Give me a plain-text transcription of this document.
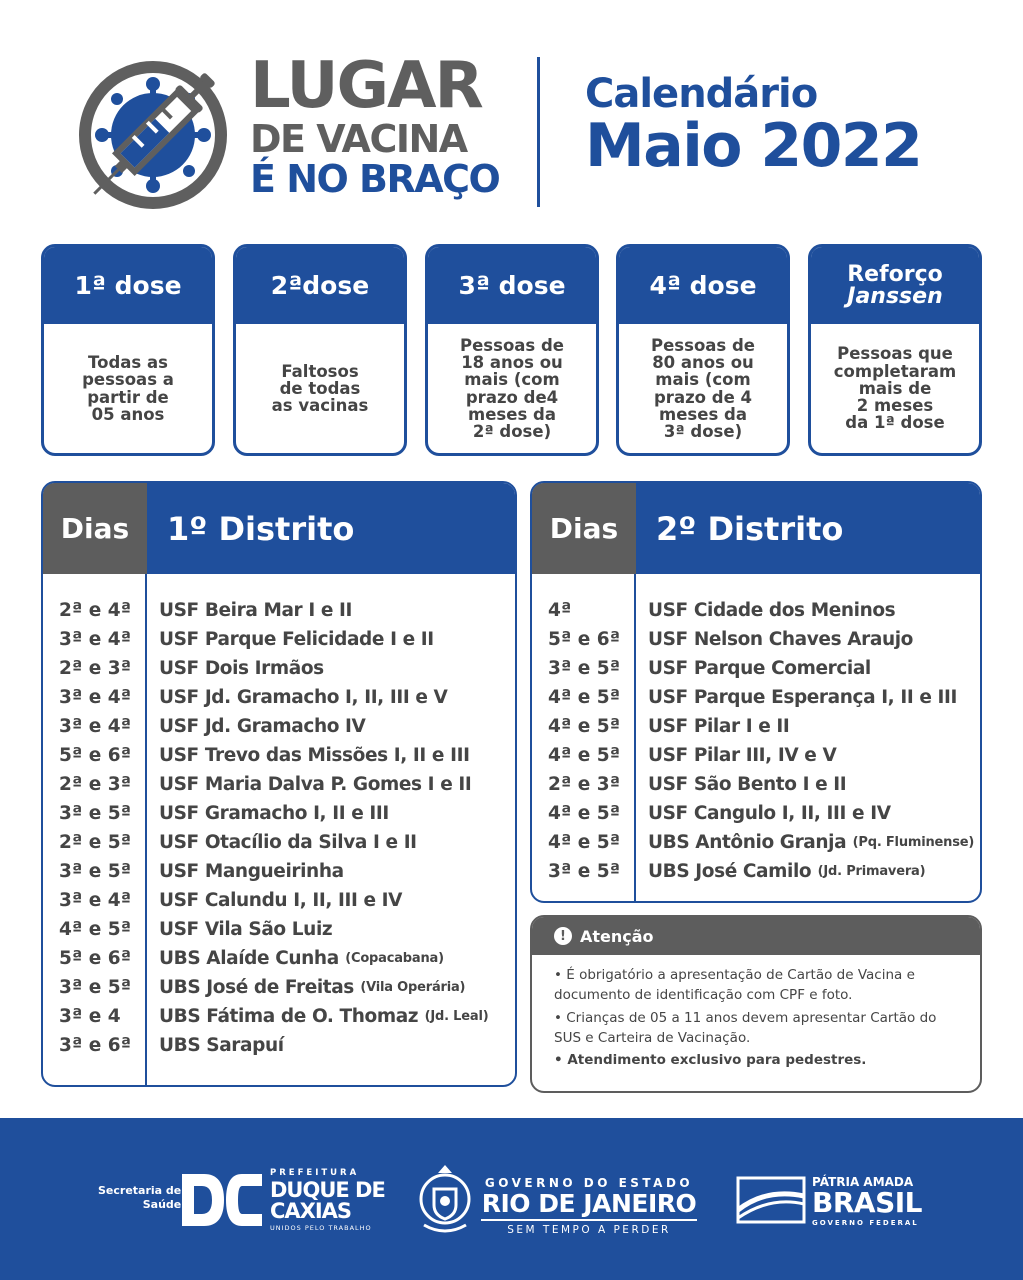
LUGAR
DE VACINA
É NO BRAÇO
Calendário
Maio 2022
1ª dose
Todas as
pessoas a
partir de
05 anos
2ªdose
Faltosos
de todas
as vacinas
3ª dose
Pessoas de
18 anos ou
mais (com
prazo de4
meses da
2ª dose)
4ª dose
Pessoas de
80 anos ou
mais (com
prazo de 4
meses da
3ª dose)
Reforço
Janssen
Pessoas que
completaram
mais de
2 meses
da 1ª dose
Dias	1º Distrito
2ª e 4ª	USF Beira Mar I e II
3ª e 4ª	USF Parque Felicidade I e II
2ª e 3ª	USF Dois Irmãos
3ª e 4ª	USF Jd. Gramacho I, II, III e V
3ª e 4ª	USF Jd. Gramacho IV
5ª e 6ª	USF Trevo das Missões I, II e III
2ª e 3ª	USF Maria Dalva P. Gomes I e II
3ª e 5ª	USF Gramacho I, II e III
2ª e 5ª	USF Otacílio da Silva I e II
3ª e 5ª	USF Mangueirinha
3ª e 4ª	USF Calundu I, II, III e IV
4ª e 5ª	USF Vila São Luiz
5ª e 6ª	UBS Alaíde Cunha
(Copacabana)
3ª e 5ª	UBS José de Freitas
(Vila Operária)
3ª e 4	UBS Fátima de O. Thomaz
(Jd. Leal)
3ª e 6ª	UBS Sarapuí
Dias	2º Distrito
4ª	USF Cidade dos Meninos
5ª e 6ª	USF Nelson Chaves Araujo
3ª e 5ª	USF Parque Comercial
4ª e 5ª	USF Parque Esperança I, II e III
4ª e 5ª	USF Pilar I e II
4ª e 5ª	USF Pilar III, IV e V
2ª e 3ª	USF São Bento I e II
4ª e 5ª	USF Cangulo I, II, III e IV
4ª e 5ª	UBS Antônio Granja
(Pq. Fluminense)
3ª e 5ª	UBS José Camilo
(Jd. Primavera)
! Atenção
• É obrigatório a apresentação de Cartão de Vacina e documento de identificação com CPF e foto.
• Crianças de 05 a 11 anos devem apresentar Cartão do SUS e Carteira de Vacinação.
• Atendimento exclusivo para pedestres.
Secretaria de
Saúde
PREFEITURA
DUQUE DE
CAXIAS
UNIDOS PELO TRABALHO
GOVERNO DO ESTADO
RIO DE JANEIRO
SEM TEMPO A PERDER
PÁTRIA AMADA
BRASIL
GOVERNO FEDERAL
